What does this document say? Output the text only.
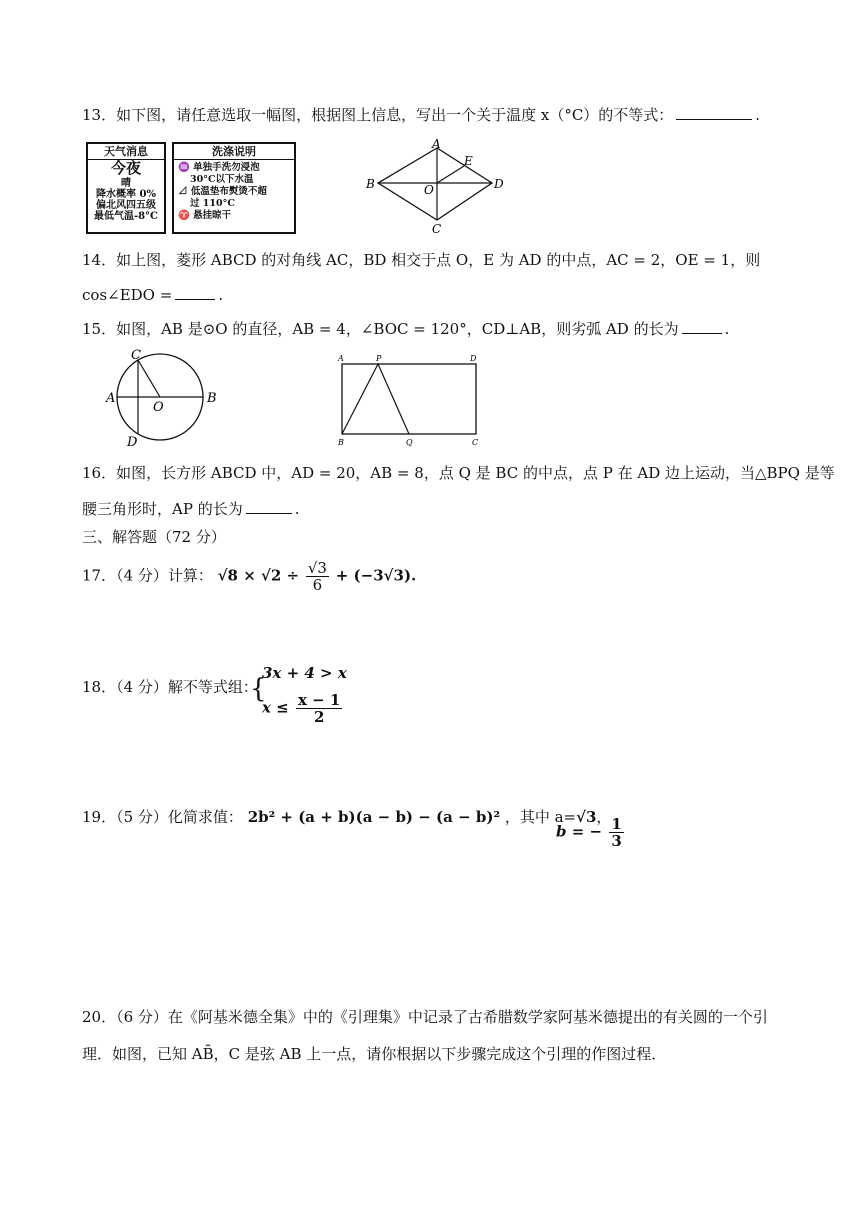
13．如下图，请任意选取一幅图，根据图上信息，写出一个关于温度 x（°C）的不等式：	.
天气消息
今夜
晴
降水概率 0%
偏北风四五级
最低气温-8°C
洗涤说明
♒ 单独手洗勿浸泡
30°C以下水温
⊿ 低温垫布熨烫不超
过 110°C
♈ 悬挂晾干
A
B
C
D
E
O
14．如上图，菱形 ABCD 的对角线 AC，BD 相交于点 O，E 为 AD 的中点，AC = 2，OE = 1，则
cos∠EDO =	.
15．如图，AB 是⊙O 的直径，AB = 4，∠BOC = 120°，CD⊥AB，则劣弧 AD 的长为	.
C
A
O
B
D
A	P	D
B	Q	C
16．如图，长方形 ABCD 中，AD = 20，AB = 8，点 Q 是 BC 的中点，点 P 在 AD 边上运动，当△BPQ 是等
腰三角形时，AP 的长为	.
三、解答题（72 分）
17．（4 分）计算： $√8 \times √2 \div \frac{√3}{6} + (-3√3)$.
18．（4 分）解不等式组：
{
3x + 4 > x
$x \le \frac{x - 1}{2}$
19．（5 分）化简求值： 2b² + (a + b)(a − b) − (a − b)² ，其中 a=√3，
b = − $\frac{1}{3}$
20．（6 分）在《阿基米德全集》中的《引理集》中记录了古希腊数学家阿基米德提出的有关圆的一个引
理．如图，已知 AB̑，C 是弦 AB 上一点，请你根据以下步骤完成这个引理的作图过程．
